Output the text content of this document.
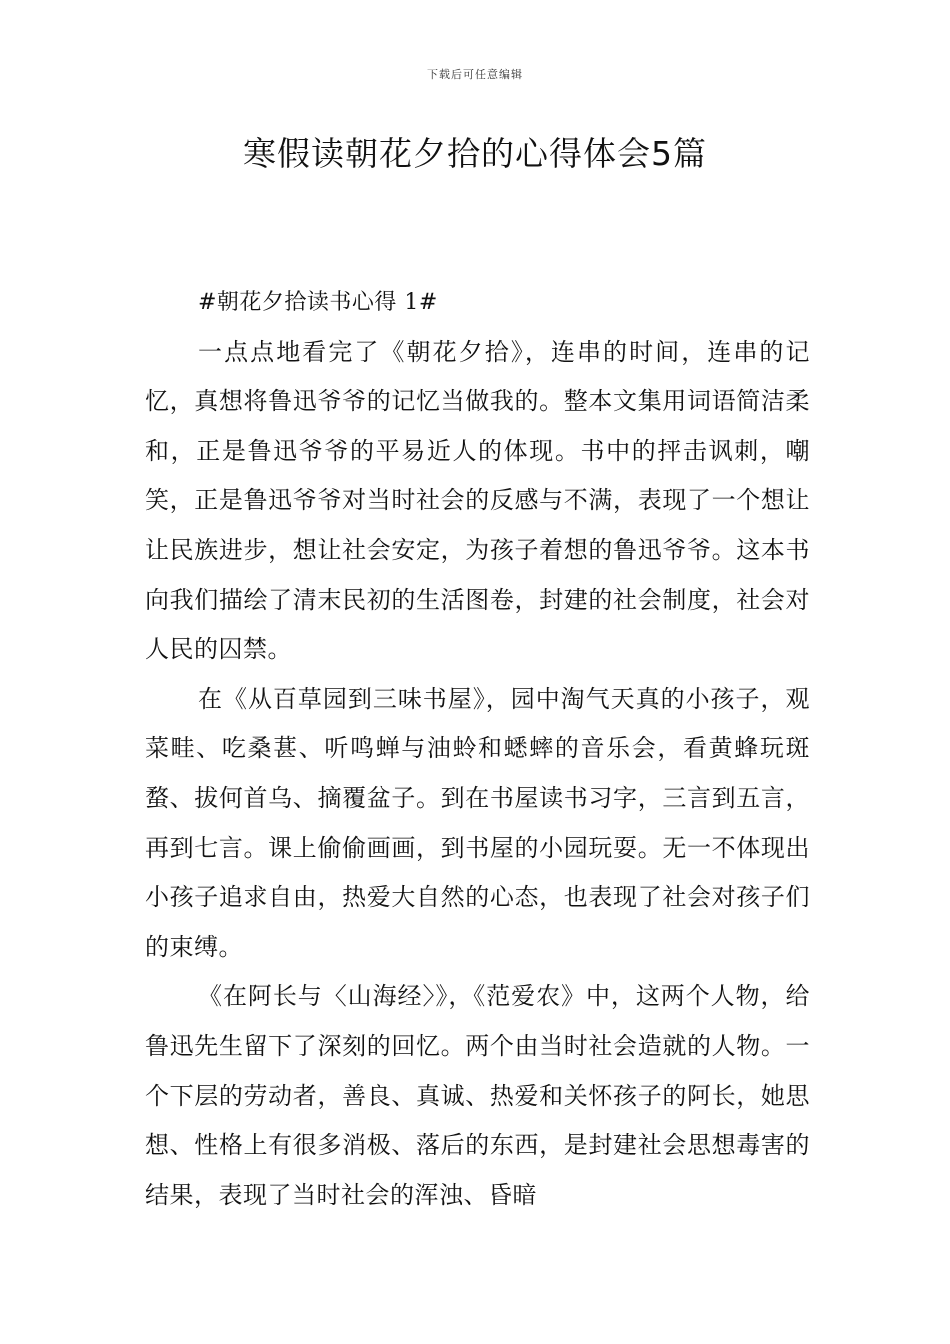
下载后可任意编辑
寒假读朝花夕拾的心得体会5篇

#朝花夕拾读书心得 1#

一点点地看完了《朝花夕拾》，连串的时间，连串的记忆，真想将鲁迅爷爷的记忆当做我的。整本文集用词语简洁柔和，正是鲁迅爷爷的平易近人的体现。书中的抨击讽刺，嘲笑，正是鲁迅爷爷对当时社会的反感与不满，表现了一个想让让民族进步，想让社会安定，为孩子着想的鲁迅爷爷。这本书向我们描绘了清末民初的生活图卷，封建的社会制度，社会对人民的囚禁。

在《从百草园到三味书屋》，园中淘气天真的小孩子，观菜畦、吃桑葚、听鸣蝉与油蛉和蟋蟀的音乐会，看黄蜂玩斑蝥、拔何首乌、摘覆盆子。到在书屋读书习字，三言到五言，再到七言。课上偷偷画画，到书屋的小园玩耍。无一不体现出小孩子追求自由，热爱大自然的心态，也表现了社会对孩子们的束缚。

《在阿长与〈山海经〉》，《范爱农》中，这两个人物，给鲁迅先生留下了深刻的回忆。两个由当时社会造就的人物。一个下层的劳动者，善良、真诚、热爱和关怀孩子的阿长，她思想、性格上有很多消极、落后的东西，是封建社会思想毒害的结果，表现了当时社会的浑浊、昏暗
